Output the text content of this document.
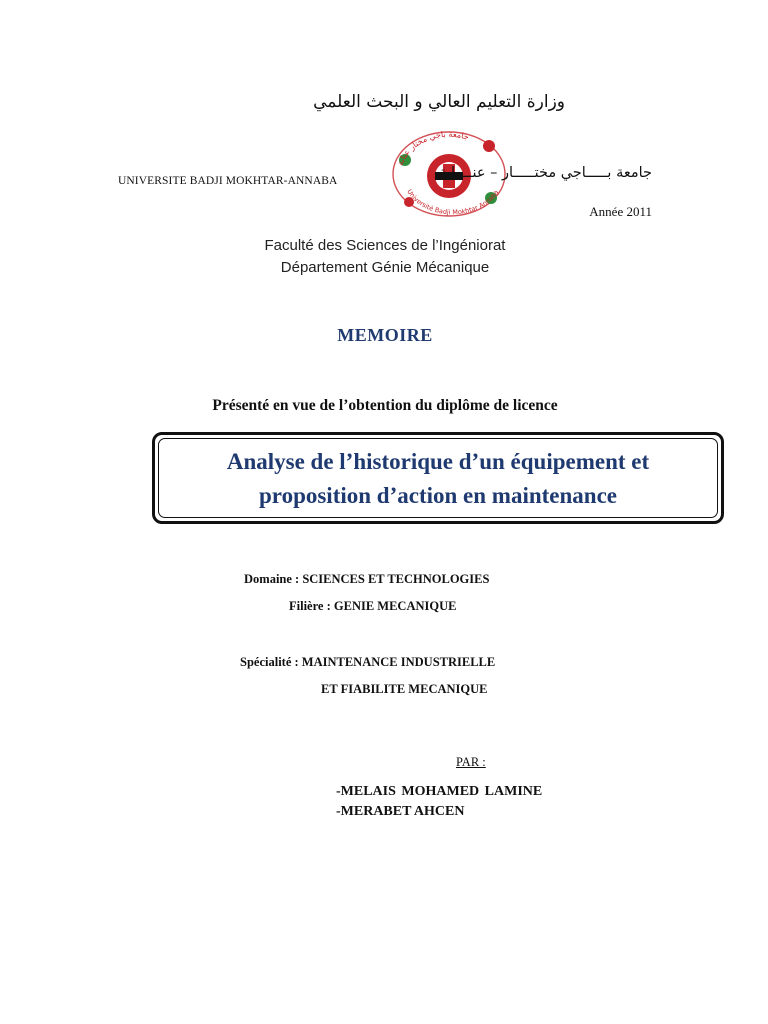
وزارة التعليم العالي و البحث العلمي
UNIVERSITE BADJI MOKHTAR-ANNABA
جامعة باجي مختار عنابة
Université Badji Mokhtar Annaba
جامعة بـــــاجي مختـــــار – عنــــابة
Année 2011
Faculté des Sciences de l’Ingéniorat
Département Génie Mécanique
MEMOIRE
Présenté en vue de l’obtention du diplôme de licence
Analyse de l’historique d’un équipement et
proposition d’action en maintenance
Domaine : SCIENCES ET TECHNOLOGIES
Filière : GENIE MECANIQUE
Spécialité : MAINTENANCE INDUSTRIELLE
ET FIABILITE MECANIQUE
PAR :
-MELAIS MOHAMED LAMINE
-MERABET AHCEN
